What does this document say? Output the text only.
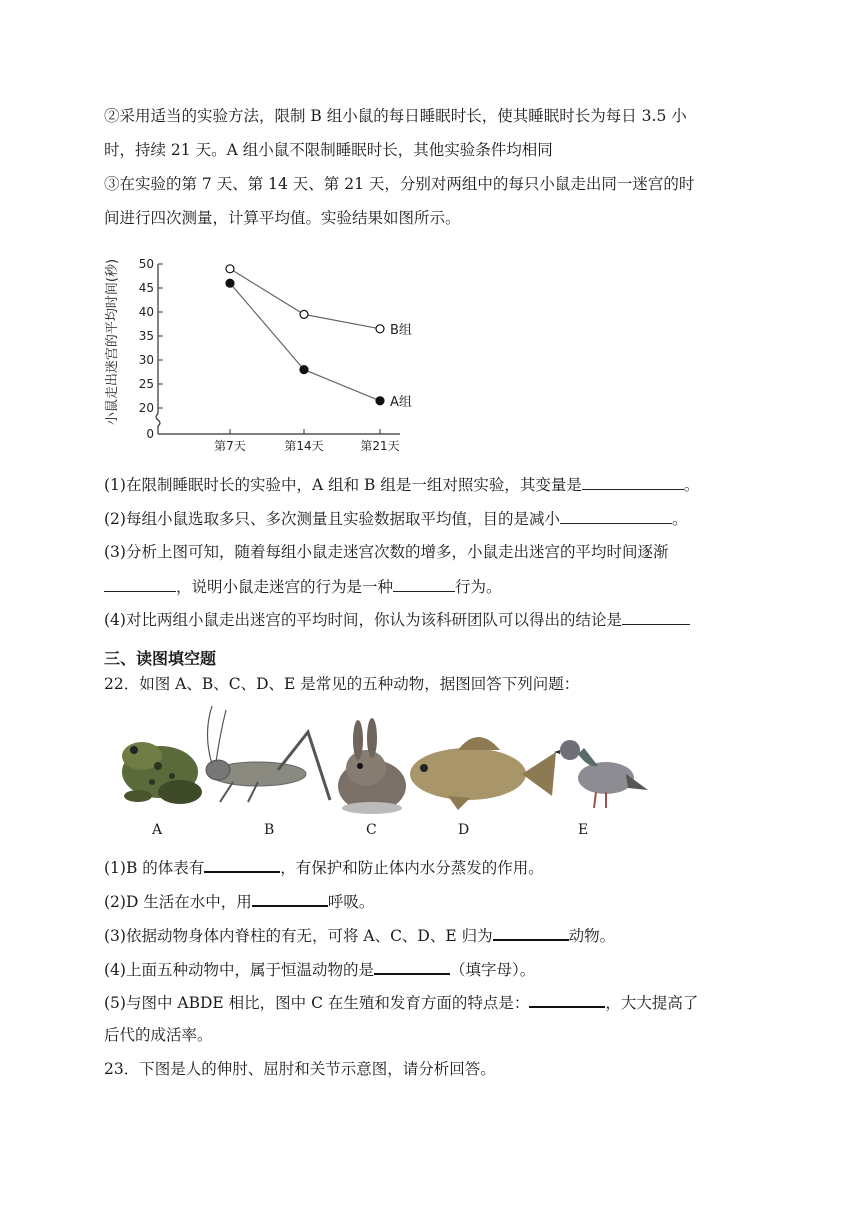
②采用适当的实验方法，限制 B 组小鼠的每日睡眠时长，使其睡眠时长为每日 3.5 小
时，持续 21 天。A 组小鼠不限制睡眠时长，其他实验条件均相同
③在实验的第 7 天、第 14 天、第 21 天，分别对两组中的每只小鼠走出同一迷宫的时
间进行四次测量，计算平均值。实验结果如图所示。
小鼠走出迷宫的平均时间(秒) 50
45
40
35
30
25
20
0
B组
A组
第7天	第14天	第21天
(1)在限制睡眠时长的实验中，A 组和 B 组是一组对照实验，其变量是	。
(2)每组小鼠选取多只、多次测量且实验数据取平均值，目的是减小	。
(3)分析上图可知，随着每组小鼠走迷宫次数的增多，小鼠走出迷宫的平均时间逐渐
，说明小鼠走迷宫的行为是一种	行为。
(4)对比两组小鼠走出迷宫的平均时间，你认为该科研团队可以得出的结论是
三、读图填空题
22．如图 A、B、C、D、E 是常见的五种动物，据图回答下列问题：
A	B	C	D	E
(1)B 的体表有	，有保护和防止体内水分蒸发的作用。
(2)D 生活在水中，用	呼吸。
(3)依据动物身体内脊柱的有无，可将 A、C、D、E 归为	动物。
(4)上面五种动物中，属于恒温动物的是	（填字母）。
(5)与图中 ABDE 相比，图中 C 在生殖和发育方面的特点是：	，大大提高了
后代的成活率。
23．下图是人的伸肘、屈肘和关节示意图，请分析回答。
